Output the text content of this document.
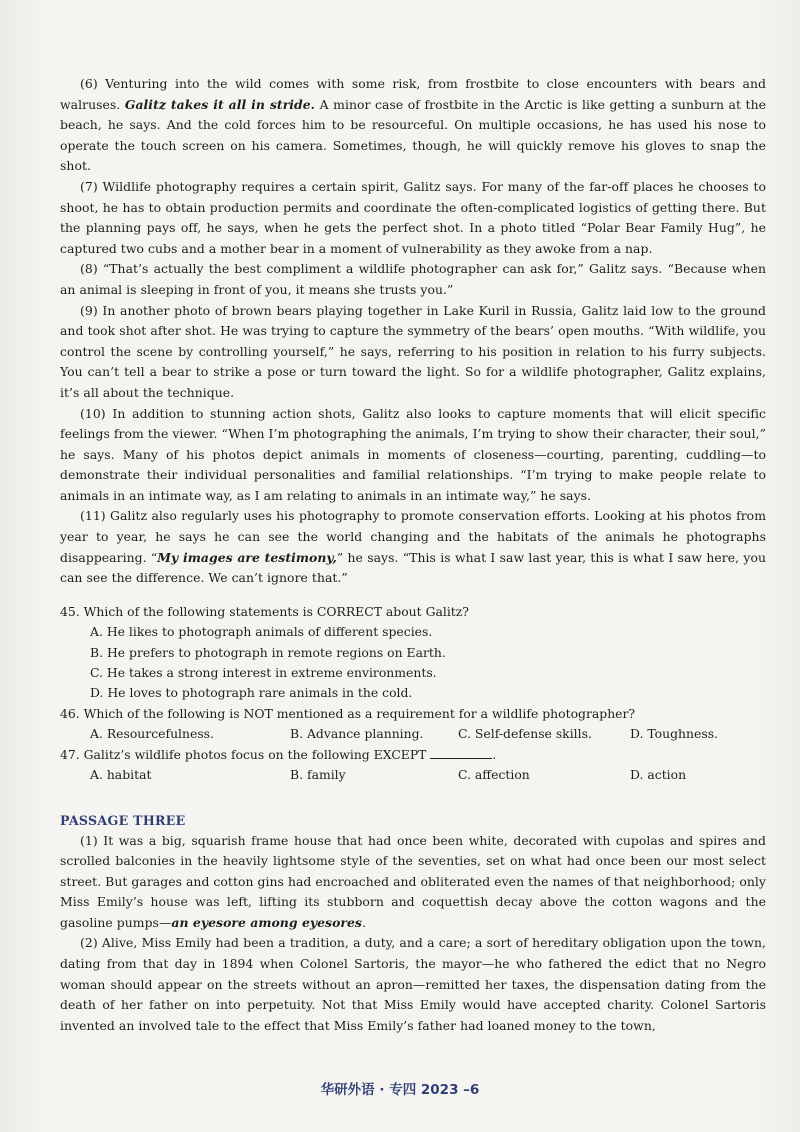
(6) Venturing into the wild comes with some risk, from frostbite to close encounters with bears and walruses. Galitz takes it all in stride. A minor case of frostbite in the Arctic is like getting a sunburn at the beach, he says. And the cold forces him to be resourceful. On multiple occasions, he has used his nose to operate the touch screen on his camera. Sometimes, though, he will quickly remove his gloves to snap the shot.

(7) Wildlife photography requires a certain spirit, Galitz says. For many of the far-off places he chooses to shoot, he has to obtain production permits and coordinate the often-complicated logistics of getting there. But the planning pays off, he says, when he gets the perfect shot. In a photo titled “Polar Bear Family Hug”, he captured two cubs and a mother bear in a moment of vulnerability as they awoke from a nap.

(8) “That’s actually the best compliment a wildlife photographer can ask for,” Galitz says. “Because when an animal is sleeping in front of you, it means she trusts you.”

(9) In another photo of brown bears playing together in Lake Kuril in Russia, Galitz laid low to the ground and took shot after shot. He was trying to capture the symmetry of the bears’ open mouths. “With wildlife, you control the scene by controlling yourself,” he says, referring to his position in relation to his furry subjects. You can’t tell a bear to strike a pose or turn toward the light. So for a wildlife photographer, Galitz explains, it’s all about the technique.

(10) In addition to stunning action shots, Galitz also looks to capture moments that will elicit specific feelings from the viewer. “When I’m photographing the animals, I’m trying to show their character, their soul,” he says. Many of his photos depict animals in moments of closeness—courting, parenting, cuddling—to demonstrate their individual personalities and familial relationships. “I’m trying to make people relate to animals in an intimate way, as I am relating to animals in an intimate way,” he says.

(11) Galitz also regularly uses his photography to promote conservation efforts. Looking at his photos from year to year, he says he can see the world changing and the habitats of the animals he photographs disappearing. “My images are testimony,” he says. “This is what I saw last year, this is what I saw here, you can see the difference. We can’t ignore that.”

45. Which of the following statements is CORRECT about Galitz?
A. He likes to photograph animals of different species.
B. He prefers to photograph in remote regions on Earth.
C. He takes a strong interest in extreme environments.
D. He loves to photograph rare animals in the cold.
46. Which of the following is NOT mentioned as a requirement for a wildlife photographer?
A. Resourcefulness.	B. Advance planning.	C. Self-defense skills.	D. Toughness.
47. Galitz’s wildlife photos focus on the following EXCEPT	.
A. habitat	B. family	C. affection	D. action
PASSAGE THREE

(1) It was a big, squarish frame house that had once been white, decorated with cupolas and spires and scrolled balconies in the heavily lightsome style of the seventies, set on what had once been our most select street. But garages and cotton gins had encroached and obliterated even the names of that neighborhood; only Miss Emily’s house was left, lifting its stubborn and coquettish decay above the cotton wagons and the gasoline pumps—an eyesore among eyesores.

(2) Alive, Miss Emily had been a tradition, a duty, and a care; a sort of hereditary obligation upon the town, dating from that day in 1894 when Colonel Sartoris, the mayor—he who fathered the edict that no Negro woman should appear on the streets without an apron—remitted her taxes, the dispensation dating from the death of her father on into perpetuity. Not that Miss Emily would have accepted charity. Colonel Sartoris invented an involved tale to the effect that Miss Emily’s father had loaned money to the town,

华研外语 · 专四 2023 –6
